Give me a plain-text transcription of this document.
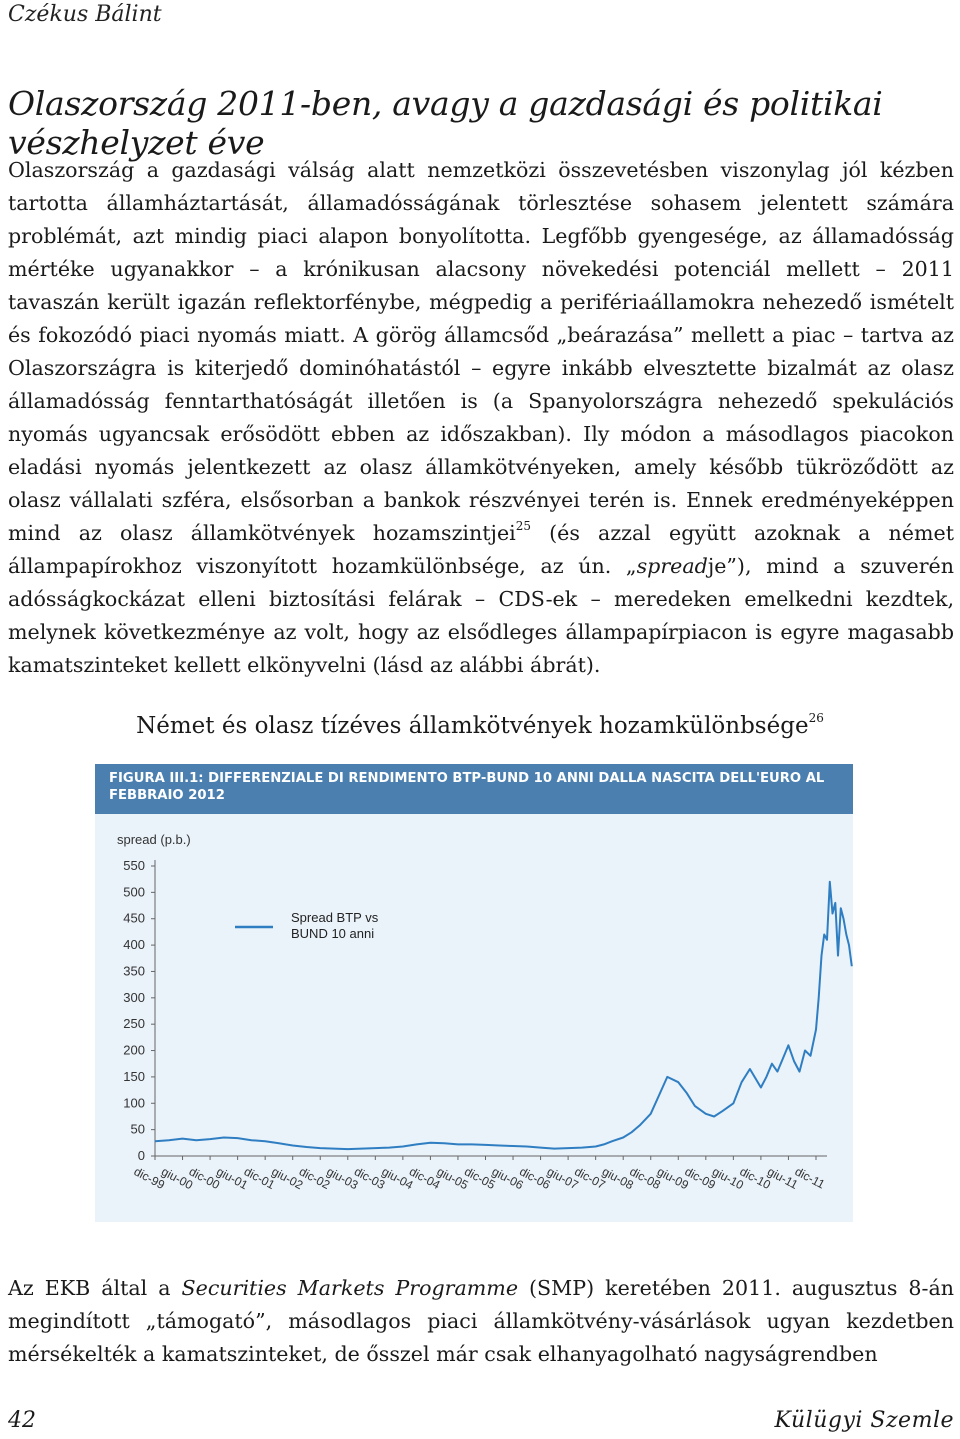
Czékus Bálint
Olaszország 2011-ben, avagy a gazdasági és politikai vészhelyzet éve

Olaszország a gazdasági válság alatt nemzetközi összevetésben viszonylag jól kézben tartotta államháztartását, államadósságának törlesztése sohasem jelentett számára problémát, azt mindig piaci alapon bonyolította. Legfőbb gyengesége, az államadósság mértéke ugyanakkor – a krónikusan alacsony növekedési potenciál mellett – 2011 tavaszán került igazán reflektorfénybe, mégpedig a perifériaállamokra nehezedő ismételt és fokozódó piaci nyomás miatt. A görög államcsőd „beárazása” mellett a piac – tartva az Olaszországra is kiterjedő dominóhatástól – egyre inkább elvesztette bizalmát az olasz államadósság fenntarthatóságát illetően is (a Spanyolországra nehezedő spekulációs nyomás ugyancsak erősödött ebben az időszakban). Ily módon a másodlagos piacokon eladási nyomás jelentkezett az olasz államkötvényeken, amely később tükröződött az olasz vállalati szféra, elsősorban a bankok részvényei terén is. Ennek eredményeképpen mind az olasz államkötvények hozamszintjei$^{25}$ (és azzal együtt azoknak a német állampapírokhoz viszonyított hozamkülönbsége, az ún. „spreadje”), mind a szuverén adósságkockázat elleni biztosítási felárak – CDS-ek – meredeken emelkedni kezdtek, melynek következménye az volt, hogy az elsődleges állampapírpiacon is egyre magasabb kamatszinteket kellett elkönyvelni (lásd az alábbi ábrát).

Német és olasz tízéves államkötvények hozamkülönbsége$^{26}$

FIGURA III.1: DIFFERENZIALE DI RENDIMENTO BTP-BUND 10 ANNI DALLA NASCITA DELL'EURO AL FEBBRAIO 2012

spread (p.b.)
0
50
100
150
200
250
300
350
400
450
500
550
dic-99
giu-00
dic-00
giu-01
dic-01
giu-02
dic-02
giu-03
dic-03
giu-04
dic-04
giu-05
dic-05
giu-06
dic-06
giu-07
dic-07
giu-08
dic-08
giu-09
dic-09
giu-10
dic-10
giu-11
dic-11
Spread BTP vs
BUND 10 anni

Az EKB által a Securities Markets Programme (SMP) keretében 2011. augusztus 8-án megindított „támogató”, másodlagos piaci államkötvény-vásárlások ugyan kezdetben mérsékelték a kamatszinteket, de ősszel már csak elhanyagolható nagyságrendben

42	Külügyi Szemle
